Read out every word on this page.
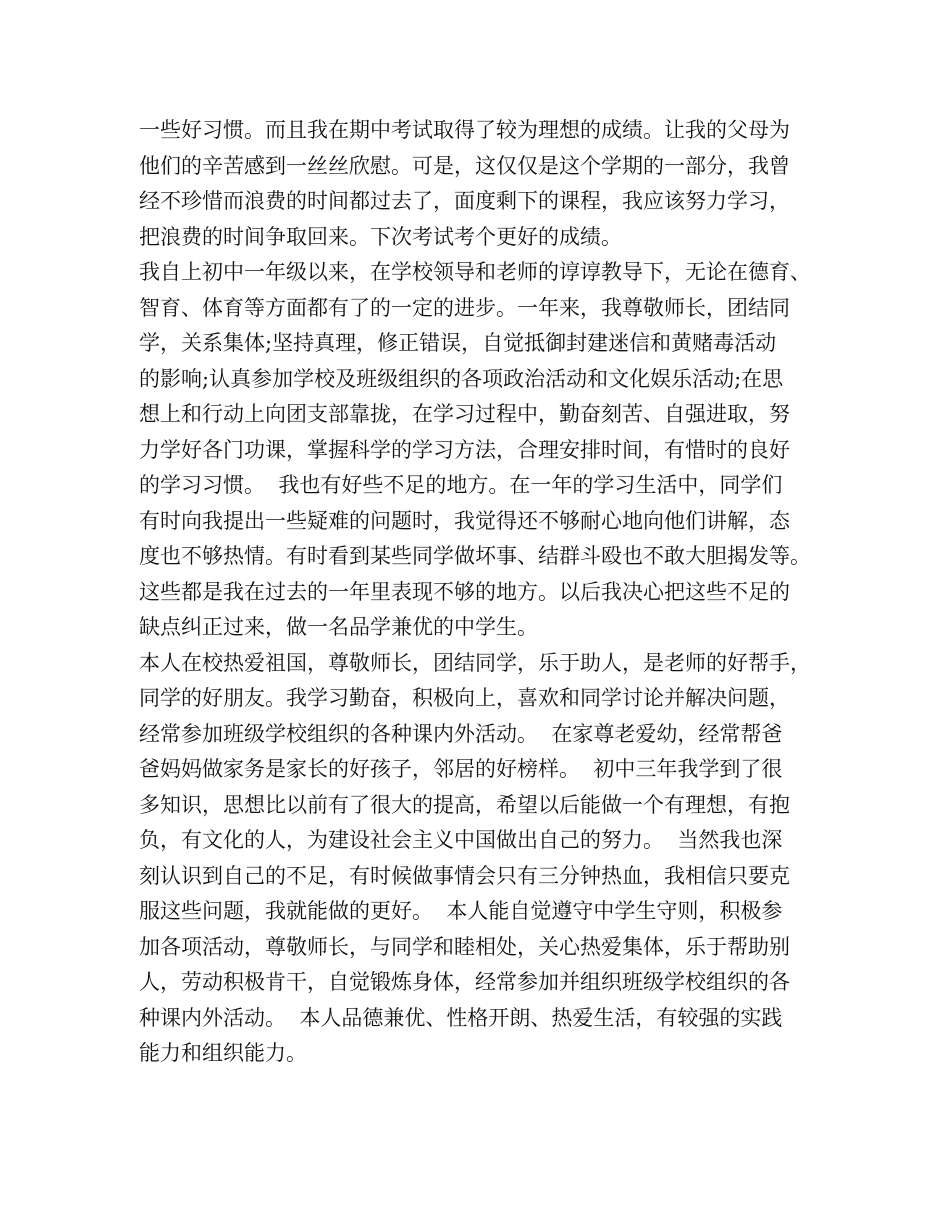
一些好习惯。而且我在期中考试取得了较为理想的成绩。让我的父母为
他们的辛苦感到一丝丝欣慰。可是，这仅仅是这个学期的一部分，我曾
经不珍惜而浪费的时间都过去了，面度剩下的课程，我应该努力学习，
把浪费的时间争取回来。下次考试考个更好的成绩。
我自上初中一年级以来，在学校领导和老师的谆谆教导下，无论在德育、
智育、体育等方面都有了的一定的进步。一年来，我尊敬师长，团结同
学，关系集体;坚持真理，修正错误，自觉抵御封建迷信和黄赌毒活动
的影响;认真参加学校及班级组织的各项政治活动和文化娱乐活动;在思
想上和行动上向团支部靠拢，在学习过程中，勤奋刻苦、自强进取，努
力学好各门功课，掌握科学的学习方法，合理安排时间，有惜时的良好
的学习习惯。  我也有好些不足的地方。在一年的学习生活中，同学们
有时向我提出一些疑难的问题时，我觉得还不够耐心地向他们讲解，态
度也不够热情。有时看到某些同学做坏事、结群斗殴也不敢大胆揭发等。
这些都是我在过去的一年里表现不够的地方。以后我决心把这些不足的
缺点纠正过来，做一名品学兼优的中学生。
本人在校热爱祖国，尊敬师长，团结同学，乐于助人，是老师的好帮手，
同学的好朋友。我学习勤奋，积极向上，喜欢和同学讨论并解决问题，
经常参加班级学校组织的各种课内外活动。  在家尊老爱幼，经常帮爸
爸妈妈做家务是家长的好孩子，邻居的好榜样。  初中三年我学到了很
多知识，思想比以前有了很大的提高，希望以后能做一个有理想，有抱
负，有文化的人，为建设社会主义中国做出自己的努力。  当然我也深
刻认识到自己的不足，有时候做事情会只有三分钟热血，我相信只要克
服这些问题，我就能做的更好。  本人能自觉遵守中学生守则，积极参
加各项活动，尊敬师长，与同学和睦相处，关心热爱集体，乐于帮助别
人，劳动积极肯干，自觉锻炼身体，经常参加并组织班级学校组织的各
种课内外活动。  本人品德兼优、性格开朗、热爱生活，有较强的实践
能力和组织能力。
